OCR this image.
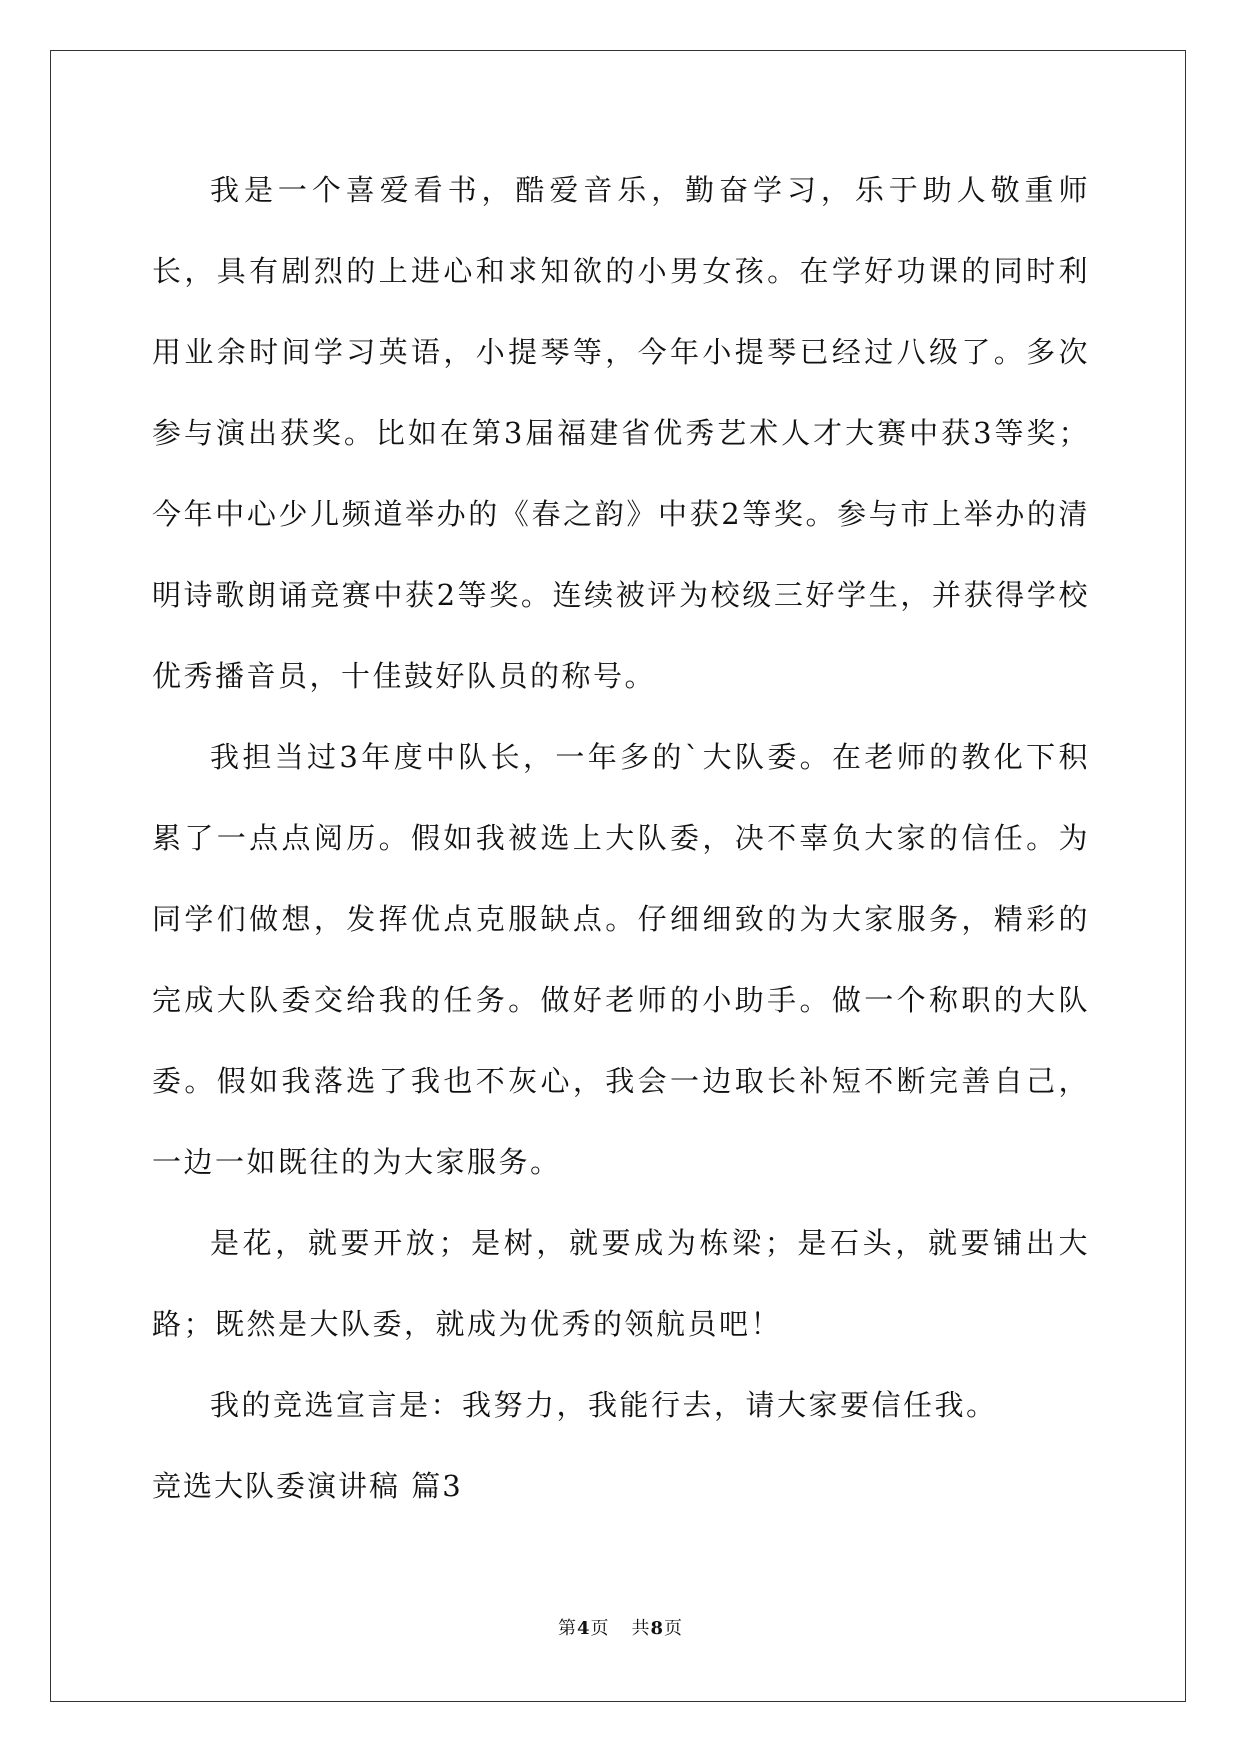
我是一个喜爱看书，酷爱音乐，勤奋学习，乐于助人敬重师长，具有剧烈的上进心和求知欲的小男女孩。在学好功课的同时利用业余时间学习英语，小提琴等，今年小提琴已经过八级了。多次参与演出获奖。比如在第3届福建省优秀艺术人才大赛中获3等奖；今年中心少儿频道举办的《春之韵》中获2等奖。参与市上举办的清明诗歌朗诵竞赛中获2等奖。连续被评为校级三好学生，并获得学校优秀播音员，十佳鼓好队员的称号。

我担当过3年度中队长，一年多的`大队委。在老师的教化下积累了一点点阅历。假如我被选上大队委，决不辜负大家的信任。为同学们做想，发挥优点克服缺点。仔细细致的为大家服务，精彩的完成大队委交给我的任务。做好老师的小助手。做一个称职的大队委。假如我落选了我也不灰心，我会一边取长补短不断完善自己，一边一如既往的为大家服务。

是花，就要开放；是树，就要成为栋梁；是石头，就要铺出大路；既然是大队委，就成为优秀的领航员吧！

我的竞选宣言是：我努力，我能行去，请大家要信任我。

竞选大队委演讲稿 篇3
第4页 共8页
